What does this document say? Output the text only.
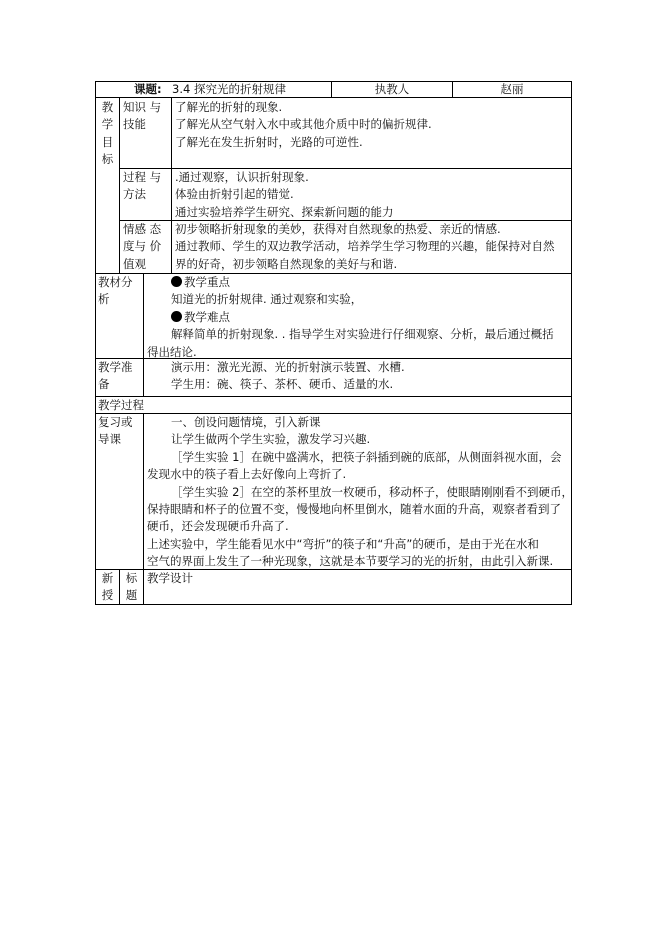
课题: 3.4 探究光的折射规律	执教人	赵丽
教
学
目
标
知识 与
技能
了解光的折射的现象.
了解光从空气射入水中或其他介质中时的偏折规律.
了解光在发生折射时，光路的可逆性.
过程 与
方法
.通过观察，认识折射现象.
体验由折射引起的错觉.
通过实验培养学生研究、探索新问题的能力
情感 态
度与 价
值观
初步领略折射现象的美妙，获得对自然现象的热爱、亲近的情感.
通过教师、学生的双边教学活动，培养学生学习物理的兴趣，能保持对自然
界的好奇，初步领略自然现象的美好与和谐.
教材分
析
教学重点
知道光的折射规律. 通过观察和实验，
教学难点
解释简单的折射现象. . 指导学生对实验进行仔细观察、分析，最后通过概括
得出结论.
教学准
备
演示用：激光光源、光的折射演示装置、水槽.
学生用：碗、筷子、茶杯、硬币、适量的水.
教学过程
复习或
导课
一、创设问题情境，引入新课
让学生做两个学生实验，激发学习兴趣.
［学生实验 1］在碗中盛满水，把筷子斜插到碗的底部，从侧面斜视水面，会
发现水中的筷子看上去好像向上弯折了.
［学生实验 2］在空的茶杯里放一枚硬币，移动杯子，使眼睛刚刚看不到硬币，
保持眼睛和杯子的位置不变，慢慢地向杯里倒水，随着水面的升高，观察者看到了
硬币，还会发现硬币升高了.
上述实验中，学生能看见水中“弯折”的筷子和“升高”的硬币，是由于光在水和
空气的界面上发生了一种光现象，这就是本节要学习的光的折射，由此引入新课.
新
授
标
题
教学设计
